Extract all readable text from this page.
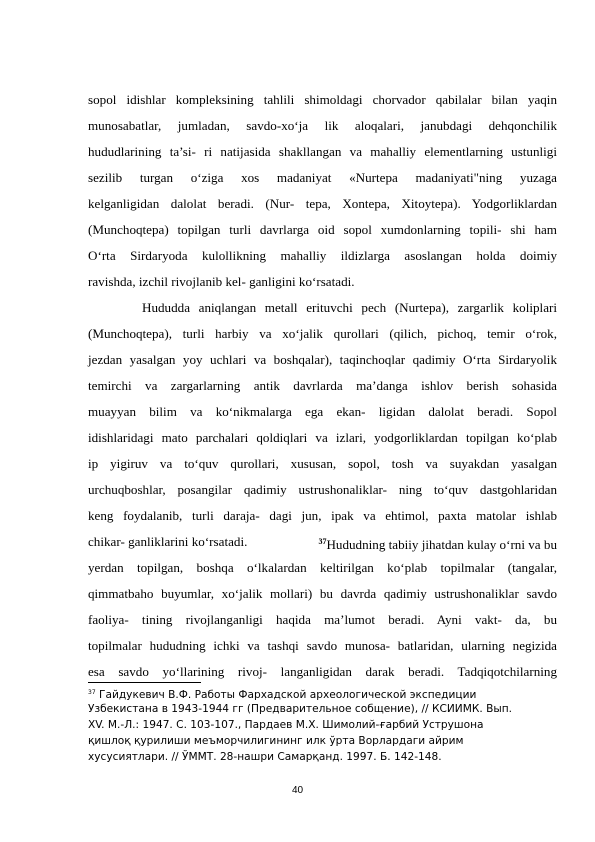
sopol idishlar kompleksining tahlili shimoldagi chorvador qabilalar bilan yaqin
munosabatlar, jumladan, savdo-xo‘ja lik aloqalari, janubdagi dehqonchilik
hududlarining ta’si- ri natijasida shakllangan va mahalliy elementlarning ustunligi
sezilib turgan o‘ziga xos madaniyat «Nurtepa madaniyati"ning yuzaga
kelganligidan dalolat beradi. (Nur- tepa, Xontepa, Xitoytepa). Yodgorliklardan
(Munchoqtepa) topilgan turli davrlarga oid sopol xumdonlarning topili- shi ham
O‘rta Sirdaryoda kulollikning mahalliy ildizlarga asoslangan holda doimiy
ravishda, izchil rivojlanib kel- ganligini ko‘rsatadi.
Hududda aniqlangan metall erituvchi pech (Nurtepa), zargarlik koliplari
(Munchoqtepa), turli harbiy va xo‘jalik qurollari (qilich, pichoq, temir o‘rok,
jezdan yasalgan yoy uchlari va boshqalar), taqinchoqlar qadimiy O‘rta Sirdaryolik
temirchi va zargarlarning antik davrlarda ma’danga ishlov berish sohasida
muayyan bilim va ko‘nikmalarga ega ekan- ligidan dalolat beradi. Sopol
idishlaridagi mato parchalari qoldiqlari va izlari, yodgorliklardan topilgan ko‘plab
ip yigiruv va to‘quv qurollari, xususan, sopol, tosh va suyakdan yasalgan
urchuqboshlar, posangilar qadimiy ustrushonaliklar- ning to‘quv dastgohlaridan
keng foydalanib, turli daraja- dagi jun, ipak va ehtimol, paxta matolar ishlab
chikar- ganliklarini ko‘rsatadi.	$^{37}$Hududning tabiiy jihatdan kulay o‘rni va bu
yerdan topilgan, boshqa o‘lkalardan keltirilgan ko‘plab topilmalar (tangalar,
qimmatbaho buyumlar, xo‘jalik mollari) bu davrda qadimiy ustrushonaliklar savdo
faoliya- tining rivojlanganligi haqida ma’lumot beradi. Ayni vakt- da, bu
topilmalar hududning ichki va tashqi savdo munosa- batlaridan, ularning negizida
esa savdo yo‘llarining rivoj- langanligidan darak beradi. Tadqiqotchilarning
$^{37}$ Гайдукевич В.Ф. Работы Фархадской археологической экспедиции
Узбекистана в 1943-1944 гг (Предварительное собщение), // КСИИМК. Вып.
XV. М.-Л.: 1947. С. 103-107., Пардаев М.Х. Шимолий-ғарбий Уструшона
қишлоқ қурилиши меъморчилигининг илк ўрта Ворлардаги айрим
хусусиятлари. // ЎММТ. 28-нашри Самарқанд. 1997. Б. 142-148.
40
